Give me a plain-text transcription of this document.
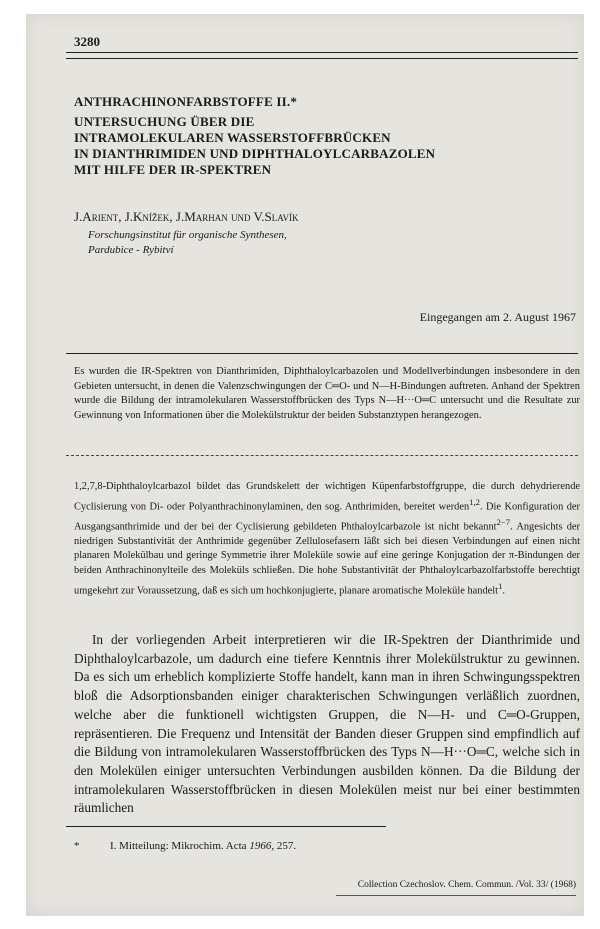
3280
ANTHRACHINONFARBSTOFFE II.*
UNTERSUCHUNG ÜBER DIE
INTRAMOLEKULAREN WASSERSTOFFBRÜCKEN
IN DIANTHRIMIDEN UND DIPHTHALOYLCARBAZOLEN
MIT HILFE DER IR-SPEKTREN
J.Arient, J.Knížek, J.Marhan und V.Slavík
Forschungsinstitut für organische Synthesen,
Pardubice - Rybitví
Eingegangen am 2. August 1967

Es wurden die IR-Spektren von Dianthrimiden, Diphthaloylcarbazolen und Modellverbindungen insbesondere in den Gebieten untersucht, in denen die Valenzschwingungen der C═O- und N—H-Bindungen auftreten. Anhand der Spektren wurde die Bildung der intramolekularen Wasserstoffbrücken des Typs N—H···O═C untersucht und die Resultate zur Gewinnung von Informationen über die Molekülstruktur der beiden Substanztypen herangezogen.

1,2,7,8-Diphthaloylcarbazol bildet das Grundskelett der wichtigen Küpenfarbstoffgruppe, die durch dehydrierende Cyclisierung von Di- oder Polyanthrachinonylaminen, den sog. Anthrimiden, bereitet werden$^{1,2}$. Die Konfiguration der Ausgangsanthrimide und der bei der Cyclisierung gebildeten Phthaloylcarbazole ist nicht bekannt$^{2-7}$. Angesichts der niedrigen Substantivität der Anthrimide gegenüber Zellulosefasern läßt sich bei diesen Verbindungen auf einen nicht planaren Molekülbau und geringe Symmetrie ihrer Moleküle sowie auf eine geringe Konjugation der π-Bindungen der beiden Anthrachinonylteile des Moleküls schließen. Die hohe Substantivität der Phthaloylcarbazolfarbstoffe berechtigt umgekehrt zur Voraussetzung, daß es sich um hochkonjugierte, planare aromatische Moleküle handelt$^1$.

In der vorliegenden Arbeit interpretieren wir die IR-Spektren der Dianthrimide und Diphthaloylcarbazole, um dadurch eine tiefere Kenntnis ihrer Molekülstruktur zu gewinnen. Da es sich um erheblich komplizierte Stoffe handelt, kann man in ihren Schwingungsspektren bloß die Adsorptionsbanden einiger charakterischen Schwingungen verläßlich zuordnen, welche aber die funktionell wichtigsten Gruppen, die N—H- und C═O-Gruppen, repräsentieren. Die Frequenz und Intensität der Banden dieser Gruppen sind empfindlich auf die Bildung von intramolekularen Wasserstoffbrücken des Typs N—H···O═C, welche sich in den Molekülen einiger untersuchten Verbindungen ausbilden können. Da die Bildung der intramolekularen Wasserstoffbrücken in diesen Molekülen meist nur bei einer bestimmten räumlichen

*	I. Mitteilung: Mikrochim. Acta 1966, 257.
Collection Czechoslov. Chem. Commun. /Vol. 33/ (1968)
